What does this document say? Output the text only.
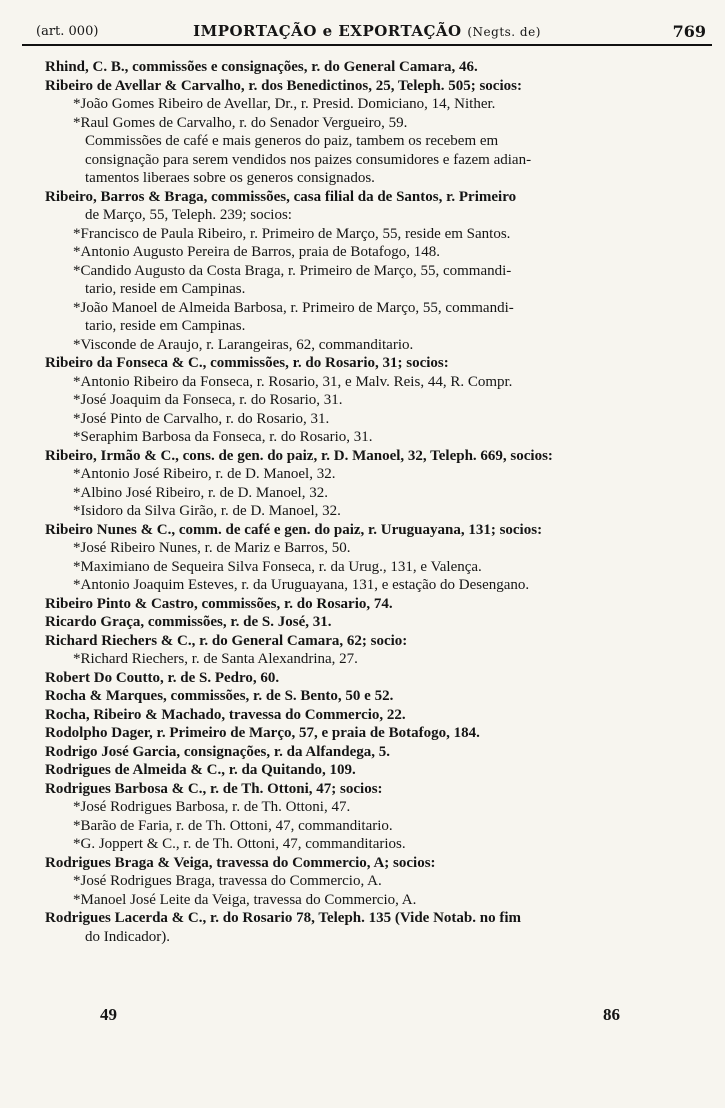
(art. 000)	IMPORTAÇÃO e EXPORTAÇÃO (Negts. de)	769
Rhind, C. B., commissões e consignações, r. do General Camara, 46.
Ribeiro de Avellar & Carvalho, r. dos Benedictinos, 25, Teleph. 505; socios:
*João Gomes Ribeiro de Avellar, Dr., r. Presid. Domiciano, 14, Nither.
*Raul Gomes de Carvalho, r. do Senador Vergueiro, 59.
Commissões de café e mais generos do paiz, tambem os recebem em
consignação para serem vendidos nos paizes consumidores e fazem adian-
tamentos liberaes sobre os generos consignados.
Ribeiro, Barros & Braga, commissões, casa filial da de Santos, r. Primeiro
de Março, 55, Teleph. 239; socios:
*Francisco de Paula Ribeiro, r. Primeiro de Março, 55, reside em Santos.
*Antonio Augusto Pereira de Barros, praia de Botafogo, 148.
*Candido Augusto da Costa Braga, r. Primeiro de Março, 55, commandi-
tario, reside em Campinas.
*João Manoel de Almeida Barbosa, r. Primeiro de Março, 55, commandi-
tario, reside em Campinas.
*Visconde de Araujo, r. Larangeiras, 62, commanditario.
Ribeiro da Fonseca & C., commissões, r. do Rosario, 31; socios:
*Antonio Ribeiro da Fonseca, r. Rosario, 31, e Malv. Reis, 44, R. Compr.
*José Joaquim da Fonseca, r. do Rosario, 31.
*José Pinto de Carvalho, r. do Rosario, 31.
*Seraphim Barbosa da Fonseca, r. do Rosario, 31.
Ribeiro, Irmão & C., cons. de gen. do paiz, r. D. Manoel, 32, Teleph. 669, socios:
*Antonio José Ribeiro, r. de D. Manoel, 32.
*Albino José Ribeiro, r. de D. Manoel, 32.
*Isidoro da Silva Girão, r. de D. Manoel, 32.
Ribeiro Nunes & C., comm. de café e gen. do paiz, r. Uruguayana, 131; socios:
*José Ribeiro Nunes, r. de Mariz e Barros, 50.
*Maximiano de Sequeira Silva Fonseca, r. da Urug., 131, e Valença.
*Antonio Joaquim Esteves, r. da Uruguayana, 131, e estação do Desengano.
Ribeiro Pinto & Castro, commissões, r. do Rosario, 74.
Ricardo Graça, commissões, r. de S. José, 31.
Richard Riechers & C., r. do General Camara, 62; socio:
*Richard Riechers, r. de Santa Alexandrina, 27.
Robert Do Coutto, r. de S. Pedro, 60.
Rocha & Marques, commissões, r. de S. Bento, 50 e 52.
Rocha, Ribeiro & Machado, travessa do Commercio, 22.
Rodolpho Dager, r. Primeiro de Março, 57, e praia de Botafogo, 184.
Rodrigo José Garcia, consignações, r. da Alfandega, 5.
Rodrigues de Almeida & C., r. da Quitando, 109.
Rodrigues Barbosa & C., r. de Th. Ottoni, 47; socios:
*José Rodrigues Barbosa, r. de Th. Ottoni, 47.
*Barão de Faria, r. de Th. Ottoni, 47, commanditario.
*G. Joppert & C., r. de Th. Ottoni, 47, commanditarios.
Rodrigues Braga & Veiga, travessa do Commercio, A; socios:
*José Rodrigues Braga, travessa do Commercio, A.
*Manoel José Leite da Veiga, travessa do Commercio, A.
Rodrigues Lacerda & C., r. do Rosario 78, Teleph. 135 (Vide Notab. no fim
do Indicador).
49	86
